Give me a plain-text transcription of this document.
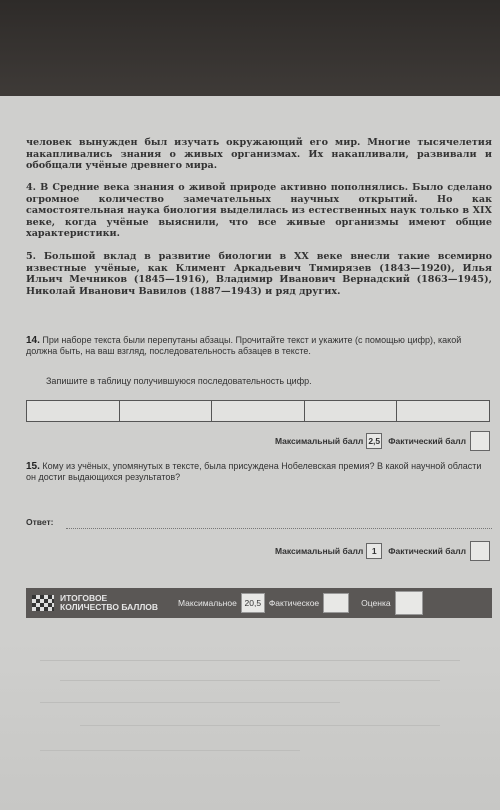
человек вынужден был изучать окружающий его мир. Многие тысячелетия накапливались знания о живых организмах. Их накапливали, развивали и обобщали учёные древнего мира.

4. В Средние века знания о живой природе активно пополнялись. Было сделано огромное количество замечательных научных открытий. Но как самостоятельная наука биология выделилась из естественных наук только в XIX веке, когда учёные выяснили, что все живые организмы имеют общие характеристики.

5. Большой вклад в развитие биологии в XX веке внесли такие всемирно известные учёные, как Климент Аркадьевич Тимирязев (1843—1920), Илья Ильич Мечников (1845—1916), Владимир Иванович Вернадский (1863—1945), Николай Иванович Вавилов (1887—1943) и ряд других.

14. При наборе текста были перепутаны абзацы. Прочитайте текст и укажите (с помощью цифр), какой должна быть, на ваш взгляд, последовательность абзацев в тексте.
Запишите в таблицу получившуюся последовательность цифр.
Максимальный балл 2,5 Фактический балл
15. Кому из учёных, упомянутых в тексте, была присуждена Нобелевская премия? В какой научной области он достиг выдающихся результатов?
Ответ:
Максимальный балл	1	Фактический балл
ИТОГОВОЕ
КОЛИЧЕСТВО БАЛЛОВ	Максимальное 20,5 Фактическое	Оценка
